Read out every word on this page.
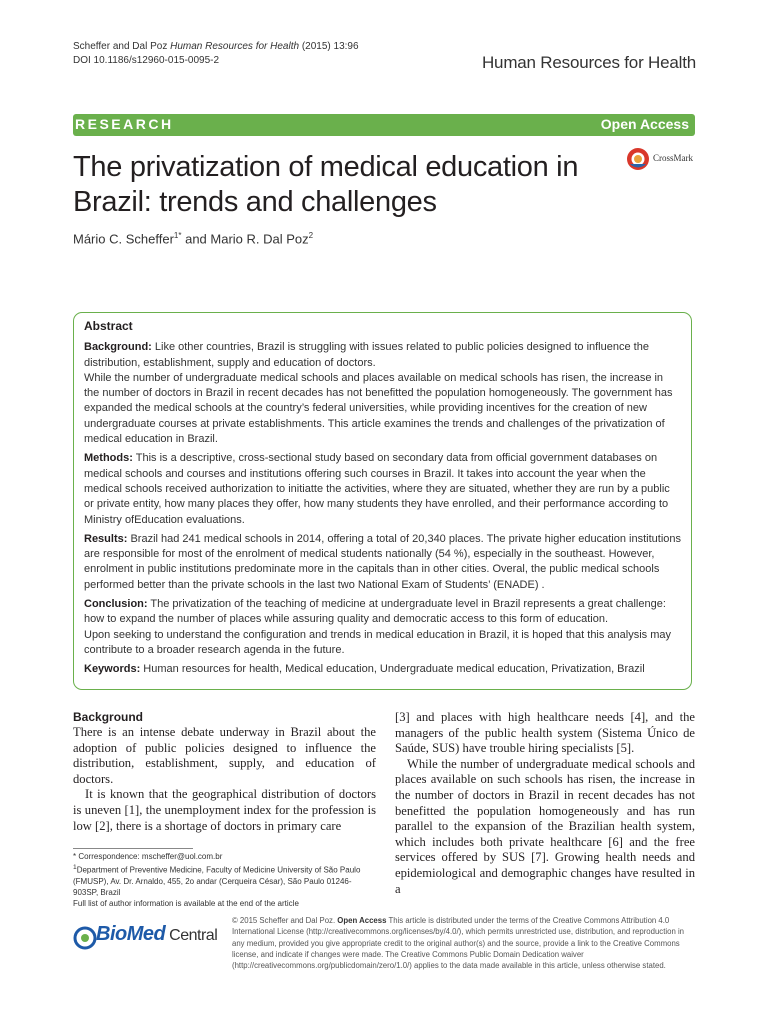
Scheffer and Dal Poz Human Resources for Health (2015) 13:96
DOI 10.1186/s12960-015-0095-2	Human Resources for Health
RESEARCH	Open Access
The privatization of medical education in
Brazil: trends and challenges
CrossMark
Mário C. Scheffer$^{1*}$ and Mario R. Dal Poz$^2$
Abstract

Background: Like other countries, Brazil is struggling with issues related to public policies designed to influence the distribution, establishment, supply and education of doctors.

While the number of undergraduate medical schools and places available on medical schools has risen, the increase in the number of doctors in Brazil in recent decades has not benefitted the population homogeneously. The government has expanded the medical schools at the country’s federal universities, while providing incentives for the creation of new undergraduate courses at private establishments. This article examines the trends and challenges of the privatization of medical education in Brazil.

Methods: This is a descriptive, cross-sectional study based on secondary data from official government databases on medical schools and courses and institutions offering such courses in Brazil. It takes into account the year when the medical schools received authorization to initiatte the activities, where they are situated, whether they are run by a public or private entity, how many places they offer, how many students they have enrolled, and their performance according to Ministry ofEducation evaluations.

Results: Brazil had 241 medical schools in 2014, offering a total of 20,340 places. The private higher education institutions are responsible for most of the enrolment of medical students nationally (54 %), especially in the southeast. However, enrolment in public institutions predominate more in the capitals than in other cities. Overal, the public medical schools performed better than the private schools in the last two National Exam of Students’ (ENADE) .

Conclusion: The privatization of the teaching of medicine at undergraduate level in Brazil represents a great challenge: how to expand the number of places while assuring quality and democratic access to this form of education.

Upon seeking to understand the configuration and trends in medical education in Brazil, it is hoped that this analysis may contribute to a broader research agenda in the future.

Keywords: Human resources for health, Medical education, Undergraduate medical education, Privatization, Brazil

Background

There is an intense debate underway in Brazil about the adoption of public policies designed to influence the distribution, establishment, supply, and education of doctors.

It is known that the geographical distribution of doctors is uneven [1], the unemployment index for the profession is low [2], there is a shortage of doctors in primary care

[3] and places with high healthcare needs [4], and the managers of the public health system (Sistema Único de Saúde, SUS) have trouble hiring specialists [5].

While the number of undergraduate medical schools and places available on such schools has risen, the increase in the number of doctors in Brazil in recent decades has not benefitted the population homogeneously and has run parallel to the expansion of the Brazilian health system, which includes both private healthcare [6] and the free services offered by SUS [7]. Growing health needs and epidemiological and demographic changes have resulted in a

* Correspondence: mscheffer@uol.com.br

$^1$Department of Preventive Medicine, Faculty of Medicine University of São Paulo (FMUSP), Av. Dr. Arnaldo, 455, 2o andar (Cerqueira César), São Paulo 01246-903SP, Brazil

Full list of author information is available at the end of the article

BioMed Central
© 2015 Scheffer and Dal Poz. Open Access This article is distributed under the terms of the Creative Commons Attribution 4.0 International License (http://creativecommons.org/licenses/by/4.0/), which permits unrestricted use, distribution, and reproduction in any medium, provided you give appropriate credit to the original author(s) and the source, provide a link to the Creative Commons license, and indicate if changes were made. The Creative Commons Public Domain Dedication waiver (http://creativecommons.org/publicdomain/zero/1.0/) applies to the data made available in this article, unless otherwise stated.
